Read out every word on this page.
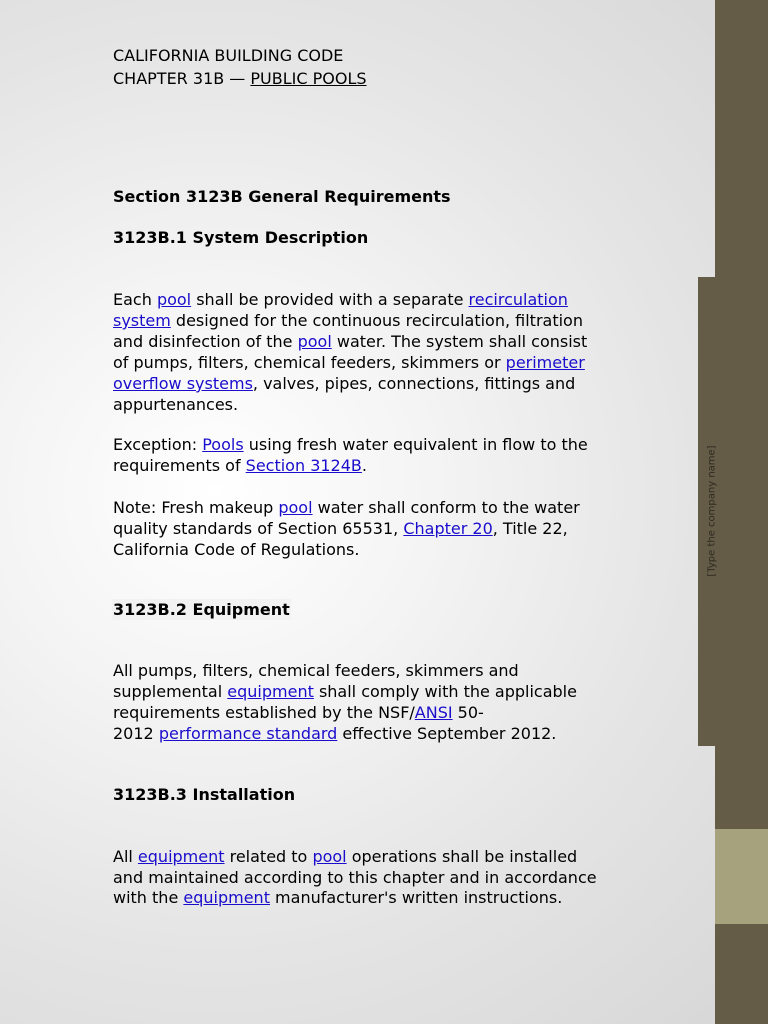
[Type the company name]
CALIFORNIA BUILDING CODE
CHAPTER 31B — PUBLIC POOLS
Section 3123B General Requirements
3123B.1 System Description
Each pool shall be provided with a separate recirculation
system designed for the continuous recirculation, filtration
and disinfection of the pool water. The system shall consist
of pumps, filters, chemical feeders, skimmers or perimeter
overflow systems, valves, pipes, connections, fittings and
appurtenances.
Exception: Pools using fresh water equivalent in flow to the
requirements of Section 3124B.
Note: Fresh makeup pool water shall conform to the water
quality standards of Section 65531, Chapter 20, Title 22,
California Code of Regulations.
3123B.2 Equipment
All pumps, filters, chemical feeders, skimmers and
supplemental equipment shall comply with the applicable
requirements established by the NSF/ANSI 50-
2012 performance standard effective September 2012.
3123B.3 Installation
All equipment related to pool operations shall be installed
and maintained according to this chapter and in accordance
with the equipment manufacturer's written instructions.
